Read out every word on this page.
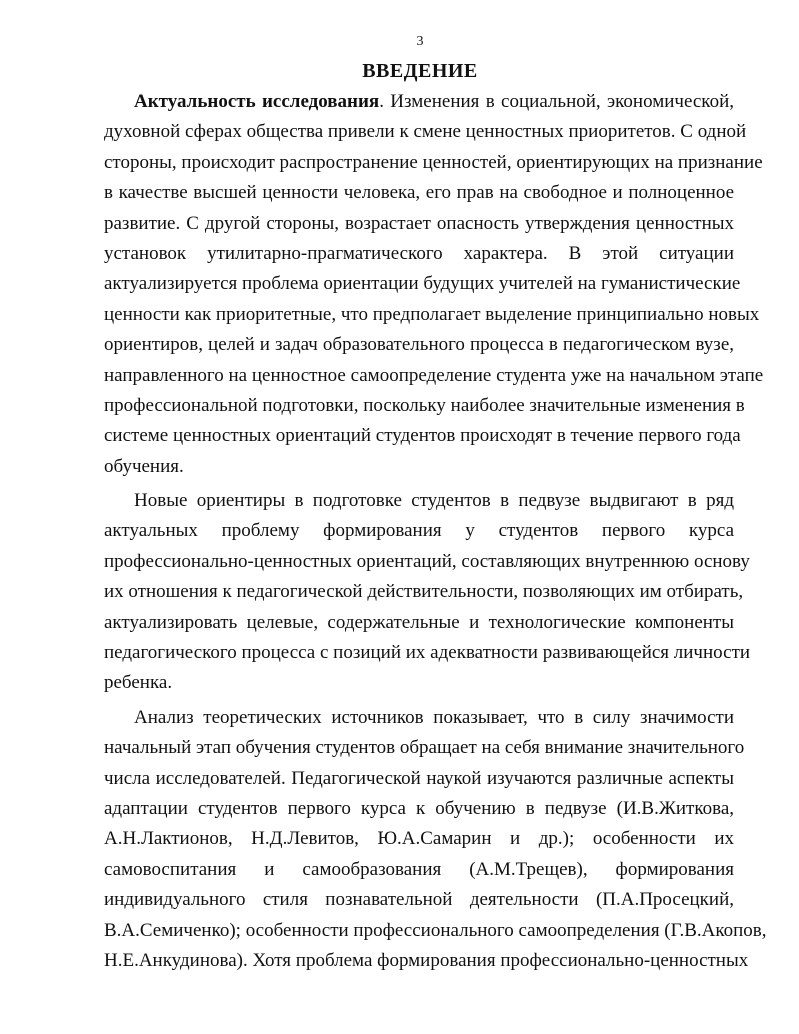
3
ВВЕДЕНИЕ
Актуальность исследования. Изменения в социальной, экономической,
духовной сферах общества привели к смене ценностных приоритетов. С одной
стороны, происходит распространение ценностей, ориентирующих на признание
в качестве высшей ценности человека, его прав на свободное и полноценное
развитие. С другой стороны, возрастает опасность утверждения ценностных
установок утилитарно-прагматического характера. В этой ситуации
актуализируется проблема ориентации будущих учителей на гуманистические
ценности как приоритетные, что предполагает выделение принципиально новых
ориентиров, целей и задач образовательного процесса в педагогическом вузе,
направленного на ценностное самоопределение студента уже на начальном этапе
профессиональной подготовки, поскольку наиболее значительные изменения в
системе ценностных ориентаций студентов происходят в течение первого года
обучения.
Новые ориентиры в подготовке студентов в педвузе выдвигают в ряд
актуальных проблему формирования у студентов первого курса
профессионально-ценностных ориентаций, составляющих внутреннюю основу
их отношения к педагогической действительности, позволяющих им отбирать,
актуализировать целевые, содержательные и технологические компоненты
педагогического процесса с позиций их адекватности развивающейся личности
ребенка.
Анализ теоретических источников показывает, что в силу значимости
начальный этап обучения студентов обращает на себя внимание значительного
числа исследователей. Педагогической наукой изучаются различные аспекты
адаптации студентов первого курса к обучению в педвузе (И.В.Житкова,
А.Н.Лактионов, Н.Д.Левитов, Ю.А.Самарин и др.); особенности их
самовоспитания и самообразования (А.М.Трещев), формирования
индивидуального стиля познавательной деятельности (П.А.Просецкий,
В.А.Семиченко); особенности профессионального самоопределения (Г.В.Акопов,
Н.Е.Анкудинова). Хотя проблема формирования профессионально-ценностных
